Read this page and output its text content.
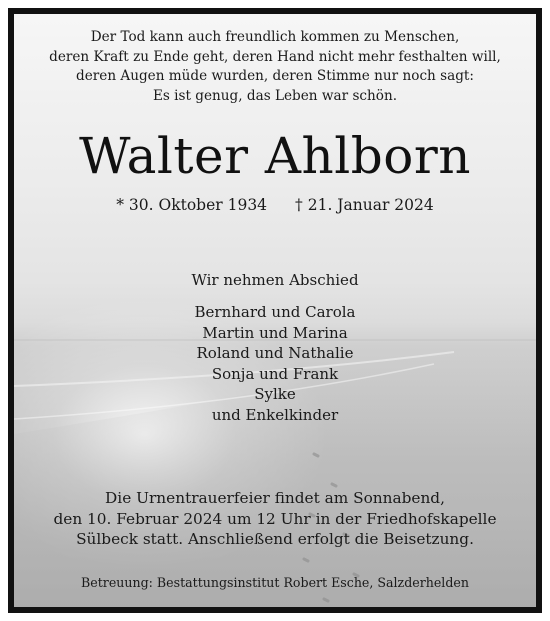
Der Tod kann auch freundlich kommen zu Menschen,
deren Kraft zu Ende geht, deren Hand nicht mehr festhalten will,
deren Augen müde wurden, deren Stimme nur noch sagt:
Es ist genug, das Leben war schön.
Walter Ahlborn
* 30. Oktober 1934 † 21. Januar 2024
Wir nehmen Abschied
Bernhard und Carola
Martin und Marina
Roland und Nathalie
Sonja und Frank
Sylke
und Enkelkinder
Die Urnentrauerfeier findet am Sonnabend,
den 10. Februar 2024 um 12 Uhr in der Friedhofskapelle
Sülbeck statt. Anschließend erfolgt die Beisetzung.
Betreuung: Bestattungsinstitut Robert Esche, Salzderhelden
